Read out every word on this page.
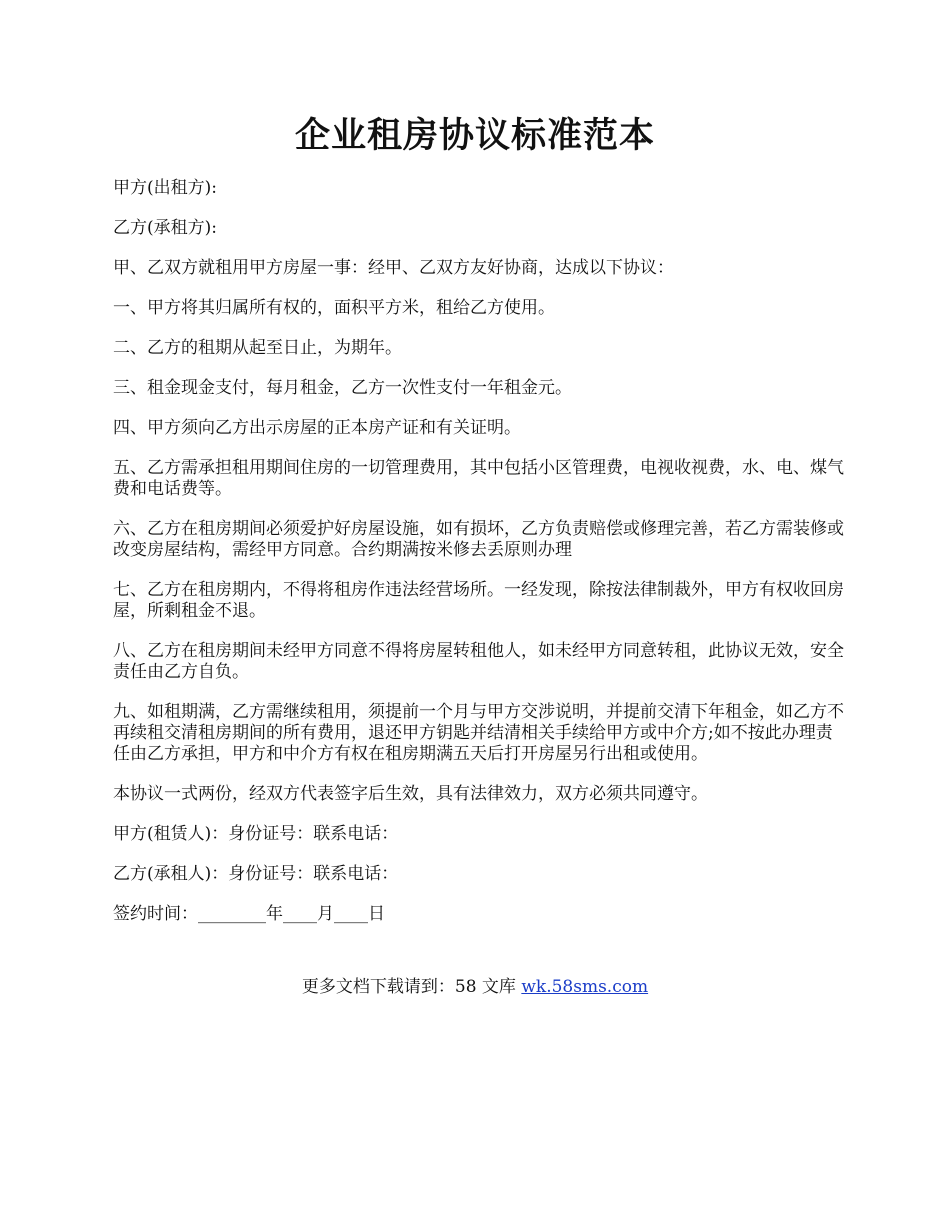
企业租房协议标准范本

甲方(出租方):

乙方(承租方):

甲、乙双方就租用甲方房屋一事：经甲、乙双方友好协商，达成以下协议：

一、甲方将其归属所有权的，面积平方米，租给乙方使用。

二、乙方的租期从起至日止，为期年。

三、租金现金支付，每月租金，乙方一次性支付一年租金元。

四、甲方须向乙方出示房屋的正本房产证和有关证明。

五、乙方需承担租用期间住房的一切管理费用，其中包括小区管理费，电视收视费，水、电、煤气费和电话费等。

六、乙方在租房期间必须爱护好房屋设施，如有损坏，乙方负责赔偿或修理完善，若乙方需装修或改变房屋结构，需经甲方同意。合约期满按米修去丢原则办理

七、乙方在租房期内，不得将租房作违法经营场所。一经发现，除按法律制裁外，甲方有权收回房屋，所剩租金不退。

八、乙方在租房期间未经甲方同意不得将房屋转租他人，如未经甲方同意转租，此协议无效，安全责任由乙方自负。

九、如租期满，乙方需继续租用，须提前一个月与甲方交涉说明，并提前交清下年租金，如乙方不再续租交清租房期间的所有费用，退还甲方钥匙并结清相关手续给甲方或中介方;如不按此办理责任由乙方承担，甲方和中介方有权在租房期满五天后打开房屋另行出租或使用。

本协议一式两份，经双方代表签字后生效，具有法律效力，双方必须共同遵守。

甲方(租赁人)：身份证号：联系电话：

乙方(承租人)：身份证号：联系电话：

签约时间：________年____月____日

更多文档下载请到：58 文库 wk.58sms.com
